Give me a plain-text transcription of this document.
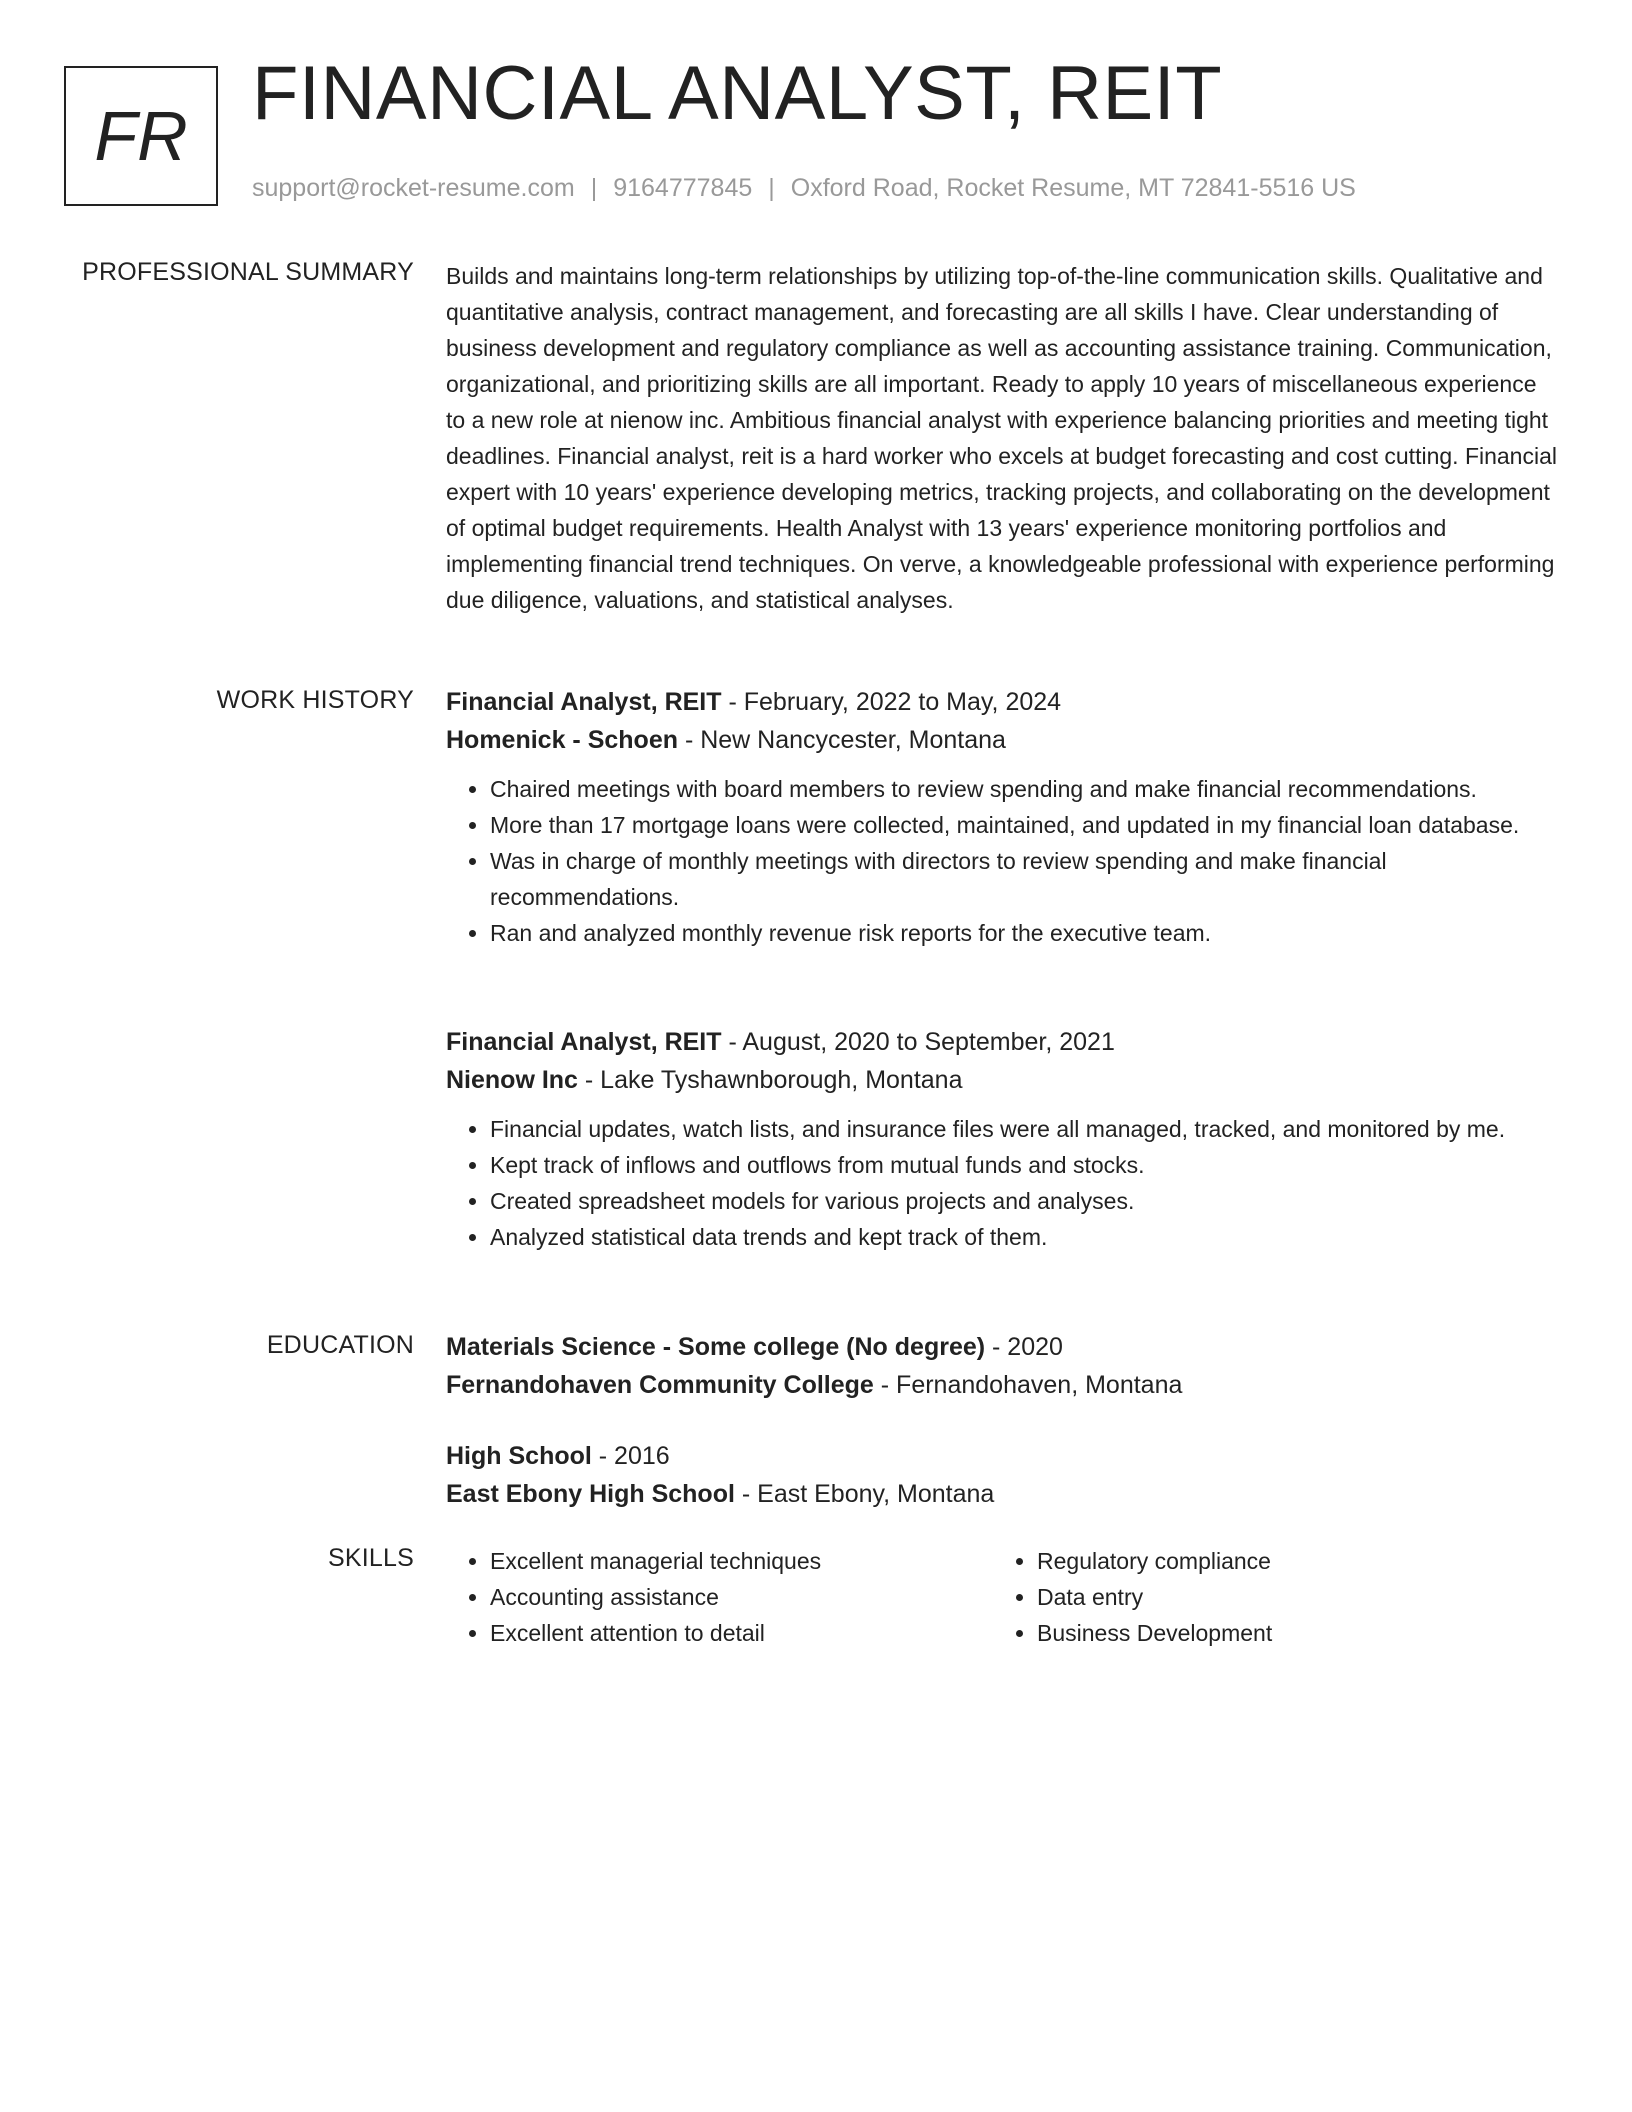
FR FINANCIAL ANALYST, REIT
support@rocket-resume.com | 9164777845 | Oxford Road, Rocket Resume, MT 72841-5516 US
PROFESSIONAL SUMMARY Builds and maintains long-term relationships by utilizing top-of-the-line communication skills. Qualitative and quantitative analysis, contract management, and forecasting are all skills I have. Clear understanding of business development and regulatory compliance as well as accounting assistance training. Communication, organizational, and prioritizing skills are all important. Ready to apply 10 years of miscellaneous experience to a new role at nienow inc. Ambitious financial analyst with experience balancing priorities and meeting tight deadlines. Financial analyst, reit is a hard worker who excels at budget forecasting and cost cutting. Financial expert with 10 years' experience developing metrics, tracking projects, and collaborating on the development of optimal budget requirements. Health Analyst with 13 years' experience monitoring portfolios and implementing financial trend techniques. On verve, a knowledgeable professional with experience performing due diligence, valuations, and statistical analyses.

WORK HISTORY Financial Analyst, REIT - February, 2022 to May, 2024
Homenick - Schoen - New Nancycester, Montana
• Chaired meetings with board members to review spending and make financial recommendations.
• More than 17 mortgage loans were collected, maintained, and updated in my financial loan database.
• Was in charge of monthly meetings with directors to review spending and make financial recommendations.
• Ran and analyzed monthly revenue risk reports for the executive team.
Financial Analyst, REIT - August, 2020 to September, 2021
Nienow Inc - Lake Tyshawnborough, Montana
• Financial updates, watch lists, and insurance files were all managed, tracked, and monitored by me.
• Kept track of inflows and outflows from mutual funds and stocks.
• Created spreadsheet models for various projects and analyses.
• Analyzed statistical data trends and kept track of them.
EDUCATION Materials Science - Some college (No degree) - 2020
Fernandohaven Community College - Fernandohaven, Montana
High School - 2016
East Ebony High School - East Ebony, Montana
SKILLS
•	Excellent managerial techniques
• Accounting assistance
• Excellent attention to detail
• Regulatory compliance
• Data entry
• Business Development
